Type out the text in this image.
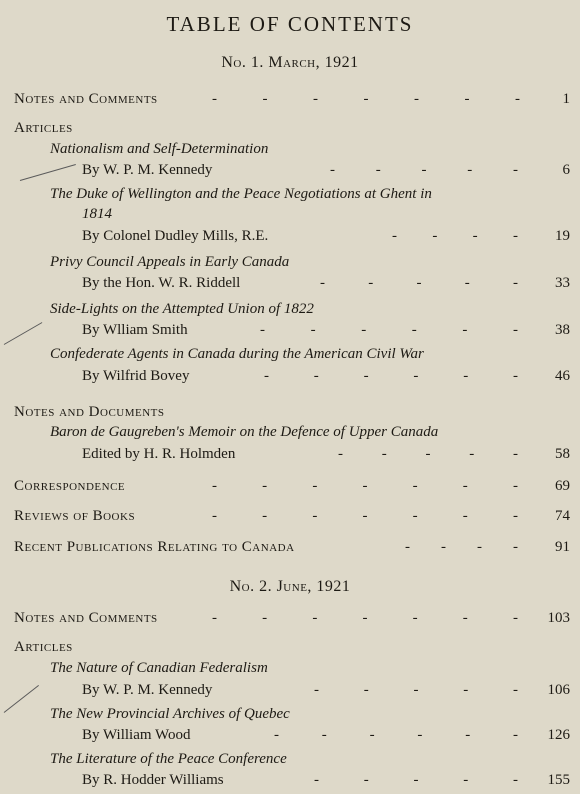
TABLE OF CONTENTS
No. 1. March, 1921
Notes and Comments	-	-	-	-	-	-	-	1
Articles
Nationalism and Self-Determination
By W. P. M. Kennedy	-	-	-	-	-	6
The Duke of Wellington and the Peace Negotiations at Ghent in
1814
By Colonel Dudley Mills, R.E.	- - - -	19
Privy Council Appeals in Early Canada
By the Hon. W. R. Riddell	-	-	-	-	-	33
Side-Lights on the Attempted Union of 1822
By Wlliam Smith	-	-	-	-	-	-	38
Confederate Agents in Canada during the American Civil War
By Wilfrid Bovey	-	-	-	-	-	-	46
Notes and Documents
Baron de Gaugreben's Memoir on the Defence of Upper Canada
Edited by H. R. Holmden	-	-	-	-	-	58
Correspondence	-	-	-	-	-	-	-	69
Reviews of Books	-	-	-	-	-	-	-	74
Recent Publications Relating to Canada	- - - -	91
No. 2. June, 1921
Notes and Comments	-	-	-	-	-	-	-	103
Articles
The Nature of Canadian Federalism
By W. P. M. Kennedy	-	-	-	-	-	106
The New Provincial Archives of Quebec
By William Wood	-	-	-	-	-	-	126
The Literature of the Peace Conference
By R. Hodder Williams	-	-	-	-	-	155
